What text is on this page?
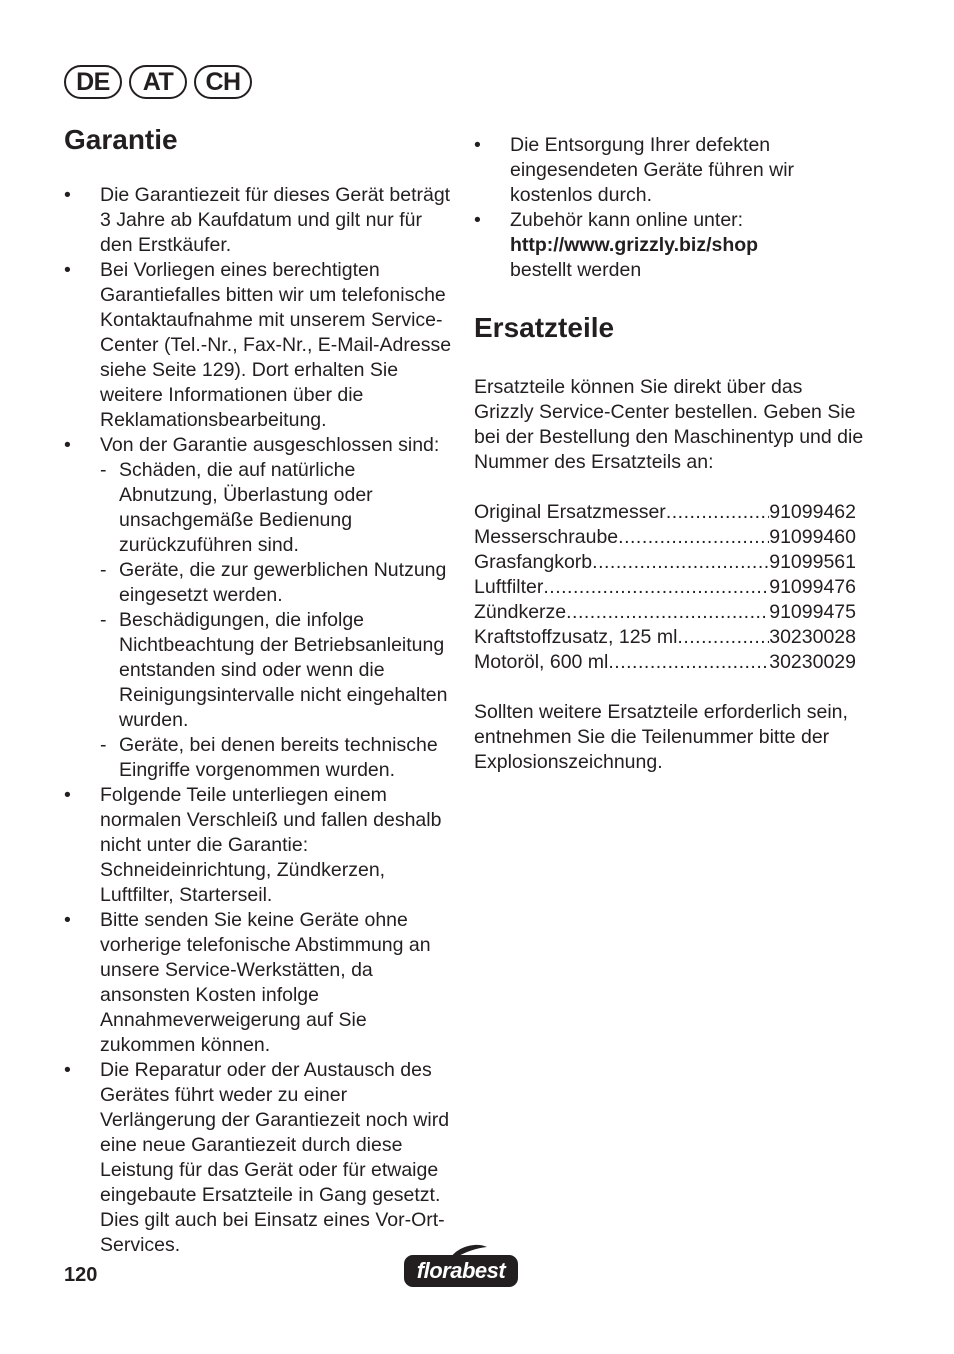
DE	AT	CH
Garantie
• Die Garantiezeit für dieses Gerät beträgt 3 Jahre ab Kaufdatum und gilt nur für den Erstkäufer.
• Bei Vorliegen eines berechtigten Garantiefalles bitten wir um telefonische Kontaktaufnahme mit unserem Service-Center (Tel.-Nr., Fax-Nr., E-Mail-Adresse siehe Seite 129). Dort erhalten Sie weitere Informationen über die Reklamationsbearbeitung.
• Von der Garantie ausgeschlossen sind:
- Schäden, die auf natürliche Abnutzung, Überlastung oder unsachgemäße Bedienung zurückzuführen sind.
- Geräte, die zur gewerblichen Nutzung eingesetzt werden.
- Beschädigungen, die infolge Nichtbeachtung der Betriebsanleitung entstanden sind oder wenn die Reinigungsintervalle nicht eingehalten wurden.
- Geräte, bei denen bereits technische Eingriffe vorgenommen wurden.
• Folgende Teile unterliegen einem normalen Verschleiß und fallen deshalb nicht unter die Garantie: Schneideinrichtung, Zündkerzen, Luftfilter, Starterseil.
• Bitte senden Sie keine Geräte ohne vorherige telefonische Abstimmung an unsere Service-Werkstätten, da ansonsten Kosten infolge Annahmeverweigerung auf Sie zukommen können.
• Die Reparatur oder der Austausch des Gerätes führt weder zu einer Verlängerung der Garantiezeit noch wird eine neue Garantiezeit durch diese Leistung für das Gerät oder für etwaige eingebaute Ersatzteile in Gang gesetzt. Dies gilt auch bei Einsatz eines Vor-Ort-Services.
• Die Entsorgung Ihrer defekten eingesendeten Geräte führen wir kostenlos durch.
• Zubehör kann online unter:
http://www.grizzly.biz/shop
bestellt werden
Ersatzteile
Ersatzteile können Sie direkt über das Grizzly Service-Center bestellen. Geben Sie bei der Bestellung den Maschinentyp und die Nummer des Ersatzteils an:
Original Ersatzmesser .....	91099462
Messerschraube .....	91099460
Grasfangkorb .....	91099561
Luftfilter .....	91099476
Zündkerze .....	91099475
Kraftstoffzusatz, 125 ml .....	30230028
Motoröl, 600 ml .....	30230029
Sollten weitere Ersatzteile erforderlich sein, entnehmen Sie die Teilenummer bitte der Explosionszeichnung.
120	florabest
